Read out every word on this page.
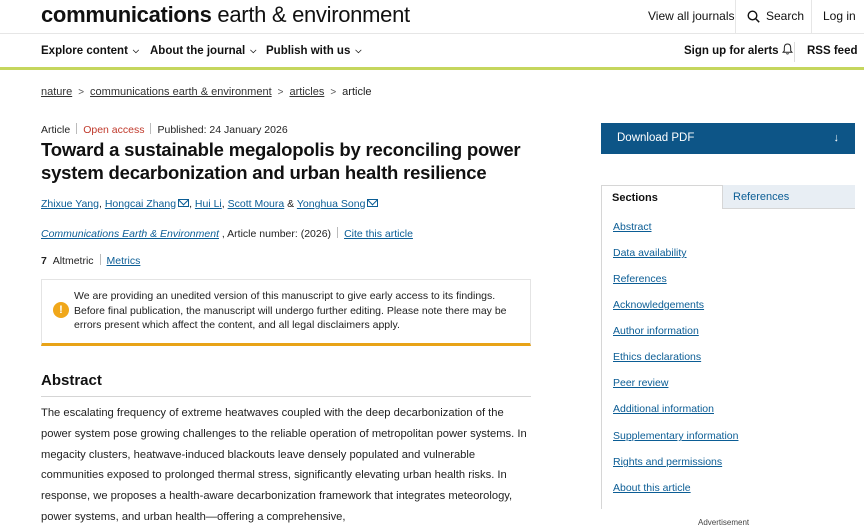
communications earth & environment	View all journals	Search Log in
Explore content ⌵ About the journal ⌵ Publish with us ⌵	Sign up for alerts	RSS feed
nature > communications earth & environment > articles > article
Article Open access Published: 24 January 2026
Toward a sustainable megalopolis by reconciling power system decarbonization and urban health resilience
Zhixue Yang, Hongcai Zhang , Hui Li, Scott Moura & Yonghua Song
Communications Earth & Environment , Article number: (2026) Cite this article
7 Altmetric Metrics
!

We are providing an unedited version of this manuscript to give early access to its findings. Before final publication, the manuscript will undergo further editing. Please note there may be errors present which affect the content, and all legal disclaimers apply.

Abstract

The escalating frequency of extreme heatwaves coupled with the deep decarbonization of the power system pose growing challenges to the reliable operation of metropolitan power systems. In megacity clusters, heatwave-induced blackouts leave densely populated and vulnerable communities exposed to prolonged thermal stress, significantly elevating urban health risks. In response, we proposes a health-aware decarbonization framework that integrates meteorology, power systems, and urban health—offering a comprehensive,

Download PDF	↓
Sections	References
Abstract
Data availability
References
Acknowledgements
Author information
Ethics declarations
Peer review
Additional information
Supplementary information
Rights and permissions
About this article
Advertisement
